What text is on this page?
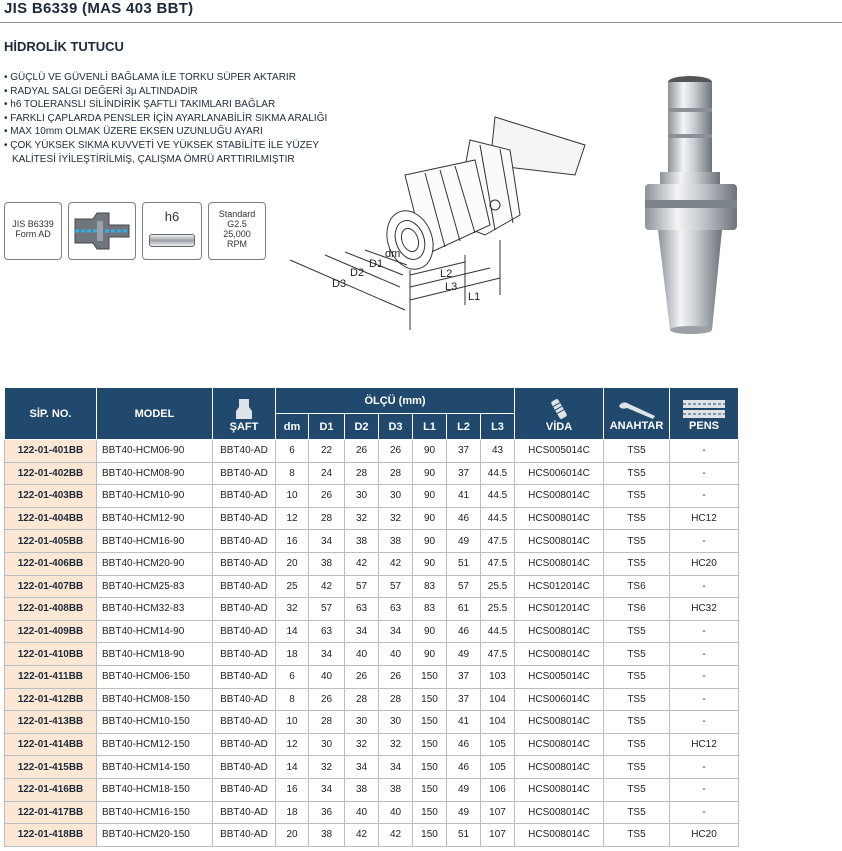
JIS B6339 (MAS 403 BBT)
HİDROLİK TUTUCU
• GÜÇLÜ VE GÜVENLİ BAĞLAMA İLE TORKU SÜPER AKTARIR
• RADYAL SALGI DEĞERİ 3µ ALTINDADIR
• h6 TOLERANSLI SİLİNDİRİK ŞAFTLI TAKIMLARI BAĞLAR
• FARKLI ÇAPLARDA PENSLER İÇİN AYARLANABİLİR SIKMA ARALIĞI
• MAX 10mm OLMAK ÜZERE EKSEN UZUNLUĞU AYARI
• ÇOK YÜKSEK SIKMA KUVVETİ VE YÜKSEK STABİLİTE İLE YÜZEY KALİTESİ İYİLEŞTİRİLMİŞ, ÇALIŞMA ÖMRÜ ARTTIRILMIŞTIR
JIS B6339
Form AD
h6	Standard
G2.5
25,000
RPM
dm
D1
D2
D3
L1
L2
L3
SİP. NO.	MODEL	ŞAFT	ÖLÇÜ (mm)							VİDA	ANAHTAR	PENS
			dm	D1	D2	D3	L1	L2	L3			
122-01-401BB	BBT40-HCM06-90	BBT40-AD	6	22	26	26	90	37	43	HCS005014C	TS5	-
122-01-402BB	BBT40-HCM08-90	BBT40-AD	8	24	28	28	90	37	44.5	HCS006014C	TS5	-
122-01-403BB	BBT40-HCM10-90	BBT40-AD	10	26	30	30	90	41	44.5	HCS008014C	TS5	-
122-01-404BB	BBT40-HCM12-90	BBT40-AD	12	28	32	32	90	46	44.5	HCS008014C	TS5	HC12
122-01-405BB	BBT40-HCM16-90	BBT40-AD	16	34	38	38	90	49	47.5	HCS008014C	TS5	-
122-01-406BB	BBT40-HCM20-90	BBT40-AD	20	38	42	42	90	51	47.5	HCS008014C	TS5	HC20
122-01-407BB	BBT40-HCM25-83	BBT40-AD	25	42	57	57	83	57	25.5	HCS012014C	TS6	-
122-01-408BB	BBT40-HCM32-83	BBT40-AD	32	57	63	63	83	61	25.5	HCS012014C	TS6	HC32
122-01-409BB	BBT40-HCM14-90	BBT40-AD	14	63	34	34	90	46	44.5	HCS008014C	TS5	-
122-01-410BB	BBT40-HCM18-90	BBT40-AD	18	34	40	40	90	49	47.5	HCS008014C	TS5	-
122-01-411BB	BBT40-HCM06-150	BBT40-AD	6	40	26	26	150	37	103	HCS005014C	TS5	-
122-01-412BB	BBT40-HCM08-150	BBT40-AD	8	26	28	28	150	37	104	HCS006014C	TS5	-
122-01-413BB	BBT40-HCM10-150	BBT40-AD	10	28	30	30	150	41	104	HCS008014C	TS5	-
122-01-414BB	BBT40-HCM12-150	BBT40-AD	12	30	32	32	150	46	105	HCS008014C	TS5	HC12
122-01-415BB	BBT40-HCM14-150	BBT40-AD	14	32	34	34	150	46	105	HCS008014C	TS5	-
122-01-416BB	BBT40-HCM18-150	BBT40-AD	16	34	38	38	150	49	106	HCS008014C	TS5	-
122-01-417BB	BBT40-HCM16-150	BBT40-AD	18	36	40	40	150	49	107	HCS008014C	TS5	-
122-01-418BB	BBT40-HCM20-150	BBT40-AD	20	38	42	42	150	51	107	HCS008014C	TS5	HC20
